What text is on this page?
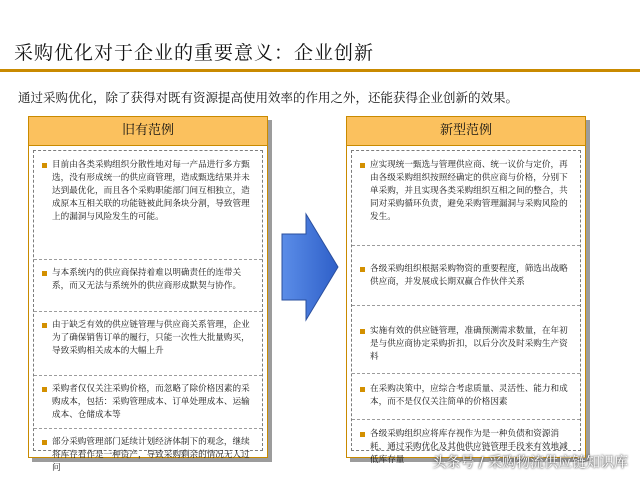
采购优化对于企业的重要意义：企业创新
通过采购优化，除了获得对既有资源提高使用效率的作用之外，还能获得企业创新的效果。
旧有范例
目前由各类采购组织分散性地对每一产品进行多方甄选，没有形成统一的供应商管理，造成甄选结果并未达到最优化，而且各个采购职能部门间互相独立，造成原本互相关联的功能链被此间条块分割，导致管理上的漏洞与风险发生的可能。
与本系统内的供应商保持着难以明确责任的连带关系，而又无法与系统外的供应商形成默契与协作。
由于缺乏有效的供应链管理与供应商关系管理，企业为了确保销售订单的履行，只能一次性大批量购买，导致采购相关成本的大幅上升
采购者仅仅关注采购价格，而忽略了除价格因素的采购成本，包括：采购管理成本、订单处理成本、运输成本、仓储成本等
部分采购管理部门延续计划经济体制下的观念，继续将库存看作是一种资产，导致采购剩余的情况无人过问
新型范例
应实现统一甄选与管理供应商、统一议价与定价，再由各级采购组织按照经确定的供应商与价格，分别下单采购，并且实现各类采购组织互相之间的整合，共同对采购循环负责，避免采购管理漏洞与采购风险的发生。
各级采购组织根据采购物资的重要程度，筛选出战略供应商，并发展成长期双赢合作伙伴关系
实施有效的供应链管理，准确预测需求数量，在年初是与供应商协定采购折扣，以后分次及时采购生产资料
在采购决策中，应综合考虑质量、灵活性、能力和成本，而不是仅仅关注简单的价格因素
各级采购组织应将库存视作为是一种负债和资源消耗，通过采购优化及其他供应链管理手段来有效地减低库存量	头条号 / 采购物流供应链知识库
